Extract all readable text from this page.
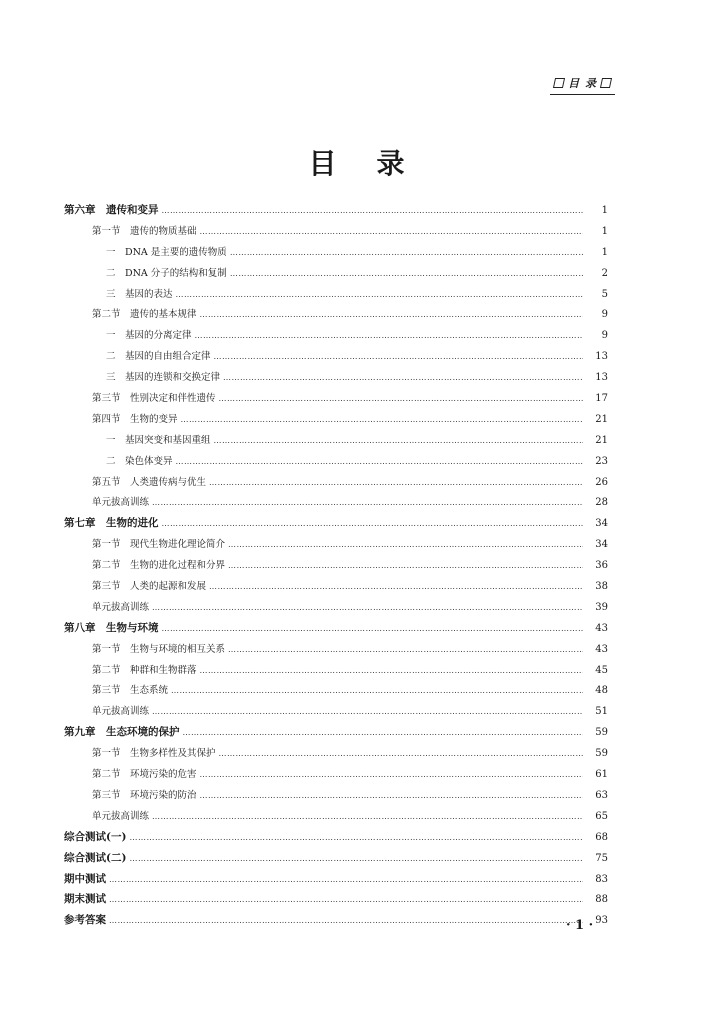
目 录
目录
第六章　遗传和变异 ……………………………………………………………………………………………………………………………………………………………………………………………………………………………………	1
第一节　遗传的物质基础 ……………………………………………………………………………………………………………………………………………………………………………………………………………………………………	1
一　DNA 是主要的遗传物质 ……………………………………………………………………………………………………………………………………………………………………………………………………………………………………	1
二　DNA 分子的结构和复制 ……………………………………………………………………………………………………………………………………………………………………………………………………………………………………	2
三　基因的表达 ……………………………………………………………………………………………………………………………………………………………………………………………………………………………………	5
第二节　遗传的基本规律 ……………………………………………………………………………………………………………………………………………………………………………………………………………………………………	9
一　基因的分离定律 ……………………………………………………………………………………………………………………………………………………………………………………………………………………………………	9
二　基因的自由组合定律 ……………………………………………………………………………………………………………………………………………………………………………………………………………………………………	13
三　基因的连锁和交换定律 ……………………………………………………………………………………………………………………………………………………………………………………………………………………………………	13
第三节　性别决定和伴性遗传 ……………………………………………………………………………………………………………………………………………………………………………………………………………………………………	17
第四节　生物的变异 ……………………………………………………………………………………………………………………………………………………………………………………………………………………………………	21
一　基因突变和基因重组 ……………………………………………………………………………………………………………………………………………………………………………………………………………………………………	21
二　染色体变异 ……………………………………………………………………………………………………………………………………………………………………………………………………………………………………	23
第五节　人类遗传病与优生 ……………………………………………………………………………………………………………………………………………………………………………………………………………………………………	26
单元拔高训练 ……………………………………………………………………………………………………………………………………………………………………………………………………………………………………	28
第七章　生物的进化 ……………………………………………………………………………………………………………………………………………………………………………………………………………………………………	34
第一节　现代生物进化理论简介 ……………………………………………………………………………………………………………………………………………………………………………………………………………………………………	34
第二节　生物的进化过程和分界 ……………………………………………………………………………………………………………………………………………………………………………………………………………………………………	36
第三节　人类的起源和发展 ……………………………………………………………………………………………………………………………………………………………………………………………………………………………………	38
单元拔高训练 ……………………………………………………………………………………………………………………………………………………………………………………………………………………………………	39
第八章　生物与环境 ……………………………………………………………………………………………………………………………………………………………………………………………………………………………………	43
第一节　生物与环境的相互关系 ……………………………………………………………………………………………………………………………………………………………………………………………………………………………………	43
第二节　种群和生物群落 ……………………………………………………………………………………………………………………………………………………………………………………………………………………………………	45
第三节　生态系统 ……………………………………………………………………………………………………………………………………………………………………………………………………………………………………	48
单元拔高训练 ……………………………………………………………………………………………………………………………………………………………………………………………………………………………………	51
第九章　生态环境的保护 ……………………………………………………………………………………………………………………………………………………………………………………………………………………………………	59
第一节　生物多样性及其保护 ……………………………………………………………………………………………………………………………………………………………………………………………………………………………………	59
第二节　环境污染的危害 ……………………………………………………………………………………………………………………………………………………………………………………………………………………………………	61
第三节　环境污染的防治 ……………………………………………………………………………………………………………………………………………………………………………………………………………………………………	63
单元拔高训练 ……………………………………………………………………………………………………………………………………………………………………………………………………………………………………	65
综合测试(一) ……………………………………………………………………………………………………………………………………………………………………………………………………………………………………	68
综合测试(二) ……………………………………………………………………………………………………………………………………………………………………………………………………………………………………	75
期中测试 ……………………………………………………………………………………………………………………………………………………………………………………………………………………………………	83
期末测试 ……………………………………………………………………………………………………………………………………………………………………………………………………………………………………	88
参考答案 ……………………………………………………………………………………………………………………………………………………………………………………………………………………………………	93
· 1 ·
